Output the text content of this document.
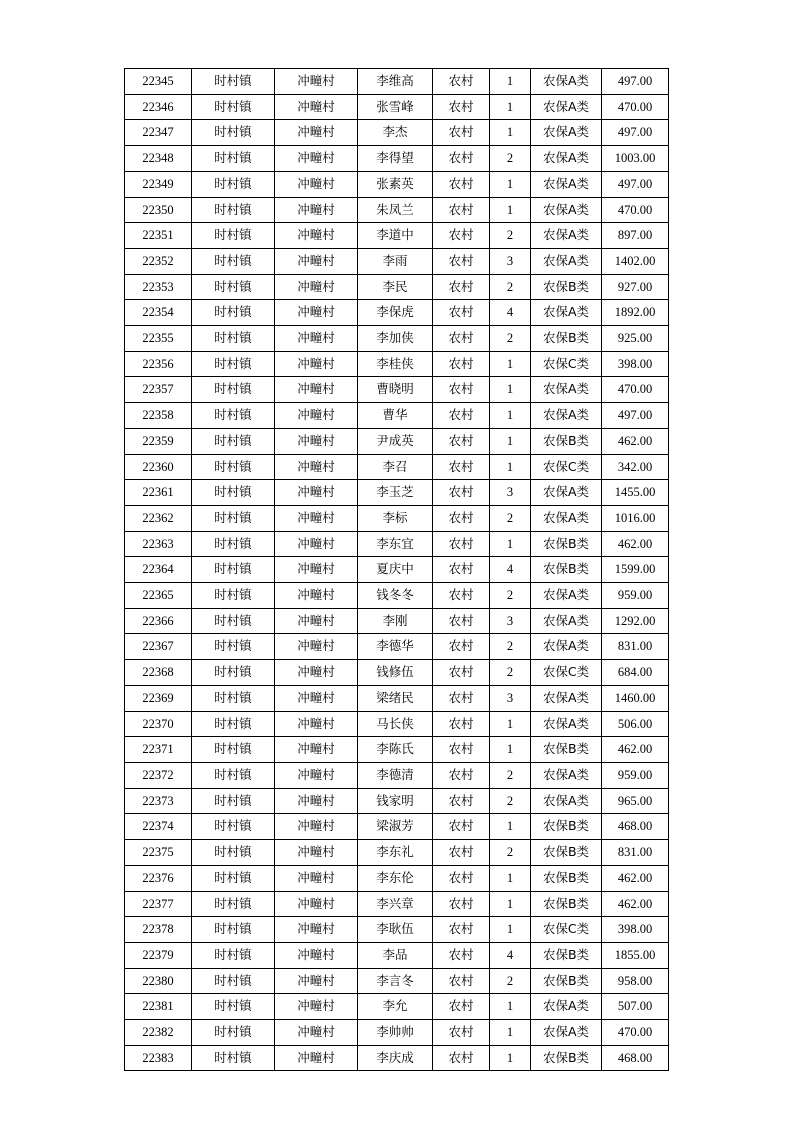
22345	时村镇	冲疃村	李维高	农村	1	农保A类	497.00
22346	时村镇	冲疃村	张雪峰	农村	1	农保A类	470.00
22347	时村镇	冲疃村	李杰	农村	1	农保A类	497.00
22348	时村镇	冲疃村	李得望	农村	2	农保A类	1003.00
22349	时村镇	冲疃村	张素英	农村	1	农保A类	497.00
22350	时村镇	冲疃村	朱凤兰	农村	1	农保A类	470.00
22351	时村镇	冲疃村	李道中	农村	2	农保A类	897.00
22352	时村镇	冲疃村	李雨	农村	3	农保A类	1402.00
22353	时村镇	冲疃村	李民	农村	2	农保B类	927.00
22354	时村镇	冲疃村	李保虎	农村	4	农保A类	1892.00
22355	时村镇	冲疃村	李加侠	农村	2	农保B类	925.00
22356	时村镇	冲疃村	李桂侠	农村	1	农保C类	398.00
22357	时村镇	冲疃村	曹晓明	农村	1	农保A类	470.00
22358	时村镇	冲疃村	曹华	农村	1	农保A类	497.00
22359	时村镇	冲疃村	尹成英	农村	1	农保B类	462.00
22360	时村镇	冲疃村	李召	农村	1	农保C类	342.00
22361	时村镇	冲疃村	李玉芝	农村	3	农保A类	1455.00
22362	时村镇	冲疃村	李标	农村	2	农保A类	1016.00
22363	时村镇	冲疃村	李东宜	农村	1	农保B类	462.00
22364	时村镇	冲疃村	夏庆中	农村	4	农保B类	1599.00
22365	时村镇	冲疃村	钱冬冬	农村	2	农保A类	959.00
22366	时村镇	冲疃村	李刚	农村	3	农保A类	1292.00
22367	时村镇	冲疃村	李德华	农村	2	农保A类	831.00
22368	时村镇	冲疃村	钱修伍	农村	2	农保C类	684.00
22369	时村镇	冲疃村	梁绪民	农村	3	农保A类	1460.00
22370	时村镇	冲疃村	马长侠	农村	1	农保A类	506.00
22371	时村镇	冲疃村	李陈氏	农村	1	农保B类	462.00
22372	时村镇	冲疃村	李德清	农村	2	农保A类	959.00
22373	时村镇	冲疃村	钱家明	农村	2	农保A类	965.00
22374	时村镇	冲疃村	梁淑芳	农村	1	农保B类	468.00
22375	时村镇	冲疃村	李东礼	农村	2	农保B类	831.00
22376	时村镇	冲疃村	李东伦	农村	1	农保B类	462.00
22377	时村镇	冲疃村	李兴章	农村	1	农保B类	462.00
22378	时村镇	冲疃村	李耿伍	农村	1	农保C类	398.00
22379	时村镇	冲疃村	李品	农村	4	农保B类	1855.00
22380	时村镇	冲疃村	李言冬	农村	2	农保B类	958.00
22381	时村镇	冲疃村	李允	农村	1	农保A类	507.00
22382	时村镇	冲疃村	李帅帅	农村	1	农保A类	470.00
22383	时村镇	冲疃村	李庆成	农村	1	农保B类	468.00
